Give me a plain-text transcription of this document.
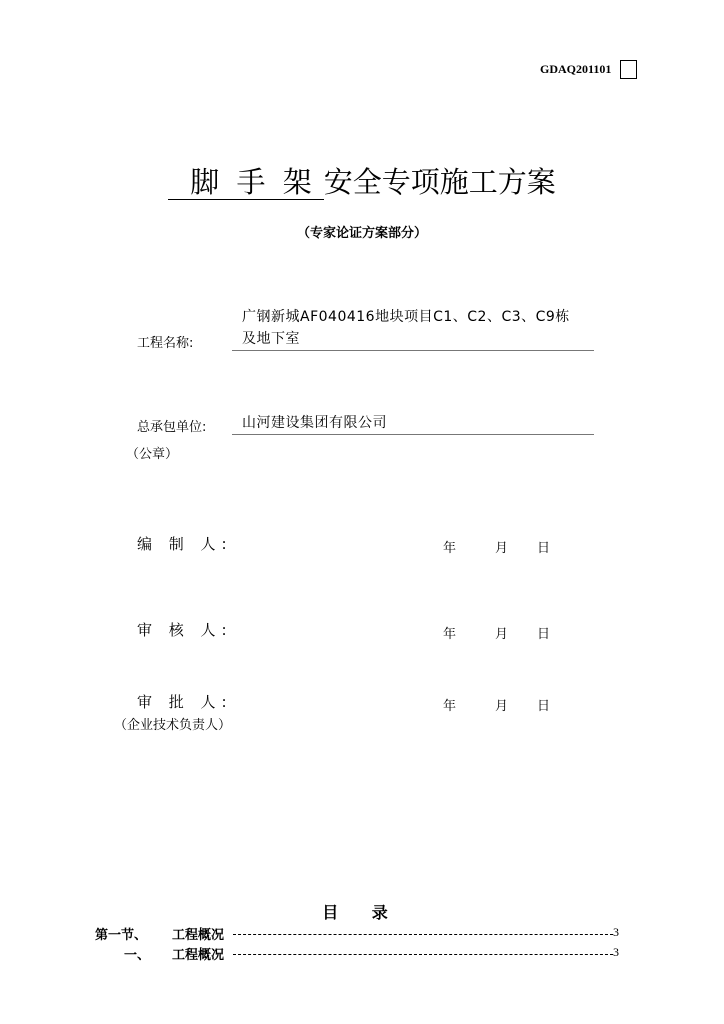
GDAQ201101
脚 手 架 安全专项施工方案
（专家论证方案部分）
工程名称:
广钢新城AF040416地块项目C1、C2、C3、C9栋
及地下室
总承包单位:	山河建设集团有限公司
（公章）
编 制 人:	年	月 日
审 核 人:	年	月 日
审 批 人:	年	月 日
（企业技术负责人）
目 录
第一节、 工程概况	3
一、 工程概况	3
